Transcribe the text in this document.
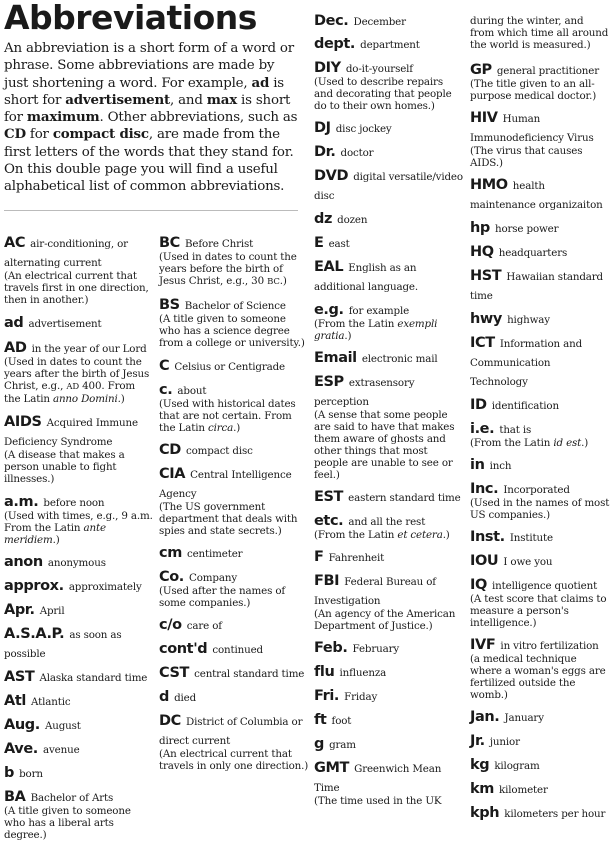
Abbreviations
An abbreviation is a short form of a word or phrase. Some abbreviations are made by just shortening a word. For example, ad is short for advertisement, and max is short for maximum. Other abbreviations, such as CD for compact disc, are made from the first letters of the words that they stand for. On this double page you will find a useful alphabetical list of common abbreviations.
AC air-conditioning, or alternating current
(An electrical current that travels first in one direction, then in another.)
ad advertisement
AD in the year of our Lord
(Used in dates to count the years after the birth of Jesus Christ, e.g., AD 400. From the Latin anno Domini.)
AIDS Acquired Immune Deficiency Syndrome
(A disease that makes a person unable to fight illnesses.)
a.m. before noon
(Used with times, e.g., 9 a.m. From the Latin ante meridiem.)
anon anonymous
approx. approximately
Apr. April
A.S.A.P. as soon as possible
AST Alaska standard time
Atl Atlantic
Aug. August
Ave. avenue
b born
BA Bachelor of Arts
(A title given to someone who has a liberal arts degree.)
BC Before Christ
(Used in dates to count the years before the birth of Jesus Christ, e.g., 30 BC.)
BS Bachelor of Science
(A title given to someone who has a science degree from a college or university.)
C Celsius or Centigrade
c. about
(Used with historical dates that are not certain. From the Latin circa.)
CD compact disc
CIA Central Intelligence Agency
(The US government department that deals with spies and state secrets.)
cm centimeter
Co. Company
(Used after the names of some companies.)
c/o care of
cont'd continued
CST central standard time
d died
DC District of Columbia or direct current
(An electrical current that travels in only one direction.)
Dec. December
dept. department
DIY do-it-yourself
(Used to describe repairs and decorating that people do to their own homes.)
DJ disc jockey
Dr. doctor
DVD digital versatile/video disc
dz dozen
E east
EAL English as an additional language.
e.g. for example
(From the Latin exempli gratia.)
Email electronic mail
ESP extrasensory perception
(A sense that some people are said to have that makes them aware of ghosts and other things that most people are unable to see or feel.)
EST eastern standard time
etc. and all the rest
(From the Latin et cetera.)
F Fahrenheit
FBI Federal Bureau of Investigation
(An agency of the American Department of Justice.)
Feb. February
flu influenza
Fri. Friday
ft foot
g gram
GMT Greenwich Mean Time
(The time used in the UK
during the winter, and from which time all around the world is measured.)
GP general practitioner
(The title given to an all-purpose medical doctor.)
HIV Human Immunodeficiency Virus
(The virus that causes AIDS.)
HMO health maintenance organizaiton
hp horse power
HQ headquarters
HST Hawaiian standard time
hwy highway
ICT Information and Communication Technology
ID identification
i.e. that is
(From the Latin id est.)
in inch
Inc. Incorporated
(Used in the names of most US companies.)
Inst. Institute
IOU I owe you
IQ intelligence quotient
(A test score that claims to measure a person's intelligence.)
IVF in vitro fertilization
(a medical technique where a woman's eggs are fertilized outside the womb.)
Jan. January
Jr. junior
kg kilogram
km kilometer
kph kilometers per hour
